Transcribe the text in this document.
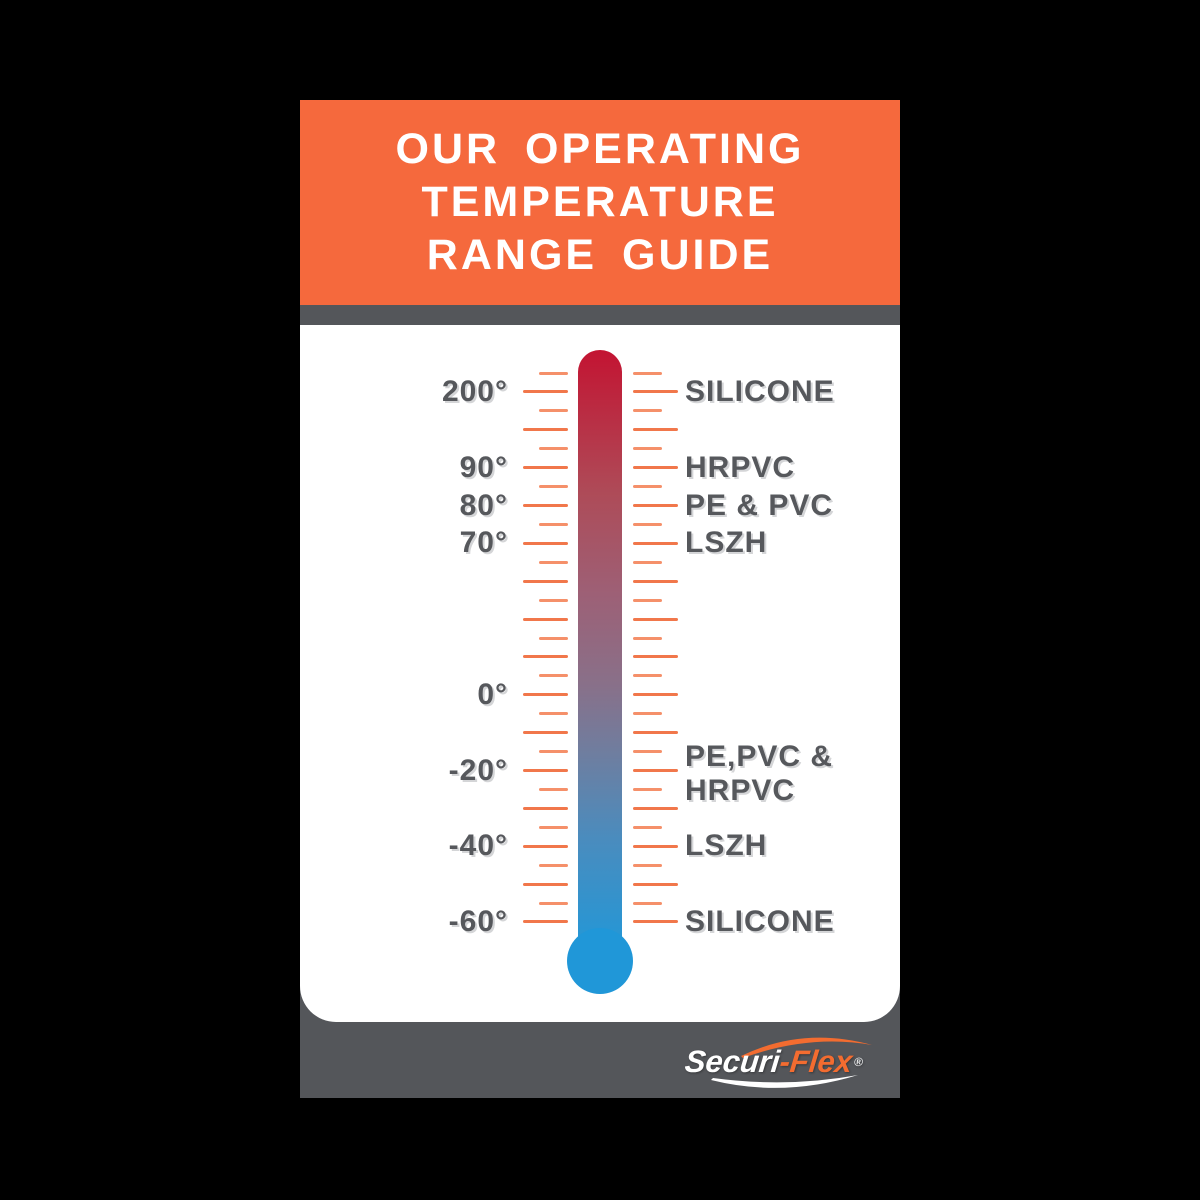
OUR OPERATING
TEMPERATURE
RANGE GUIDE
200°	SILICONE
90°	HRPVC
80°	PE & PVC
70°	LSZH
0°
-20°	PE,PVC &
HRPVC
-40°	LSZH
-60°	SILICONE
Securi-Flex®
